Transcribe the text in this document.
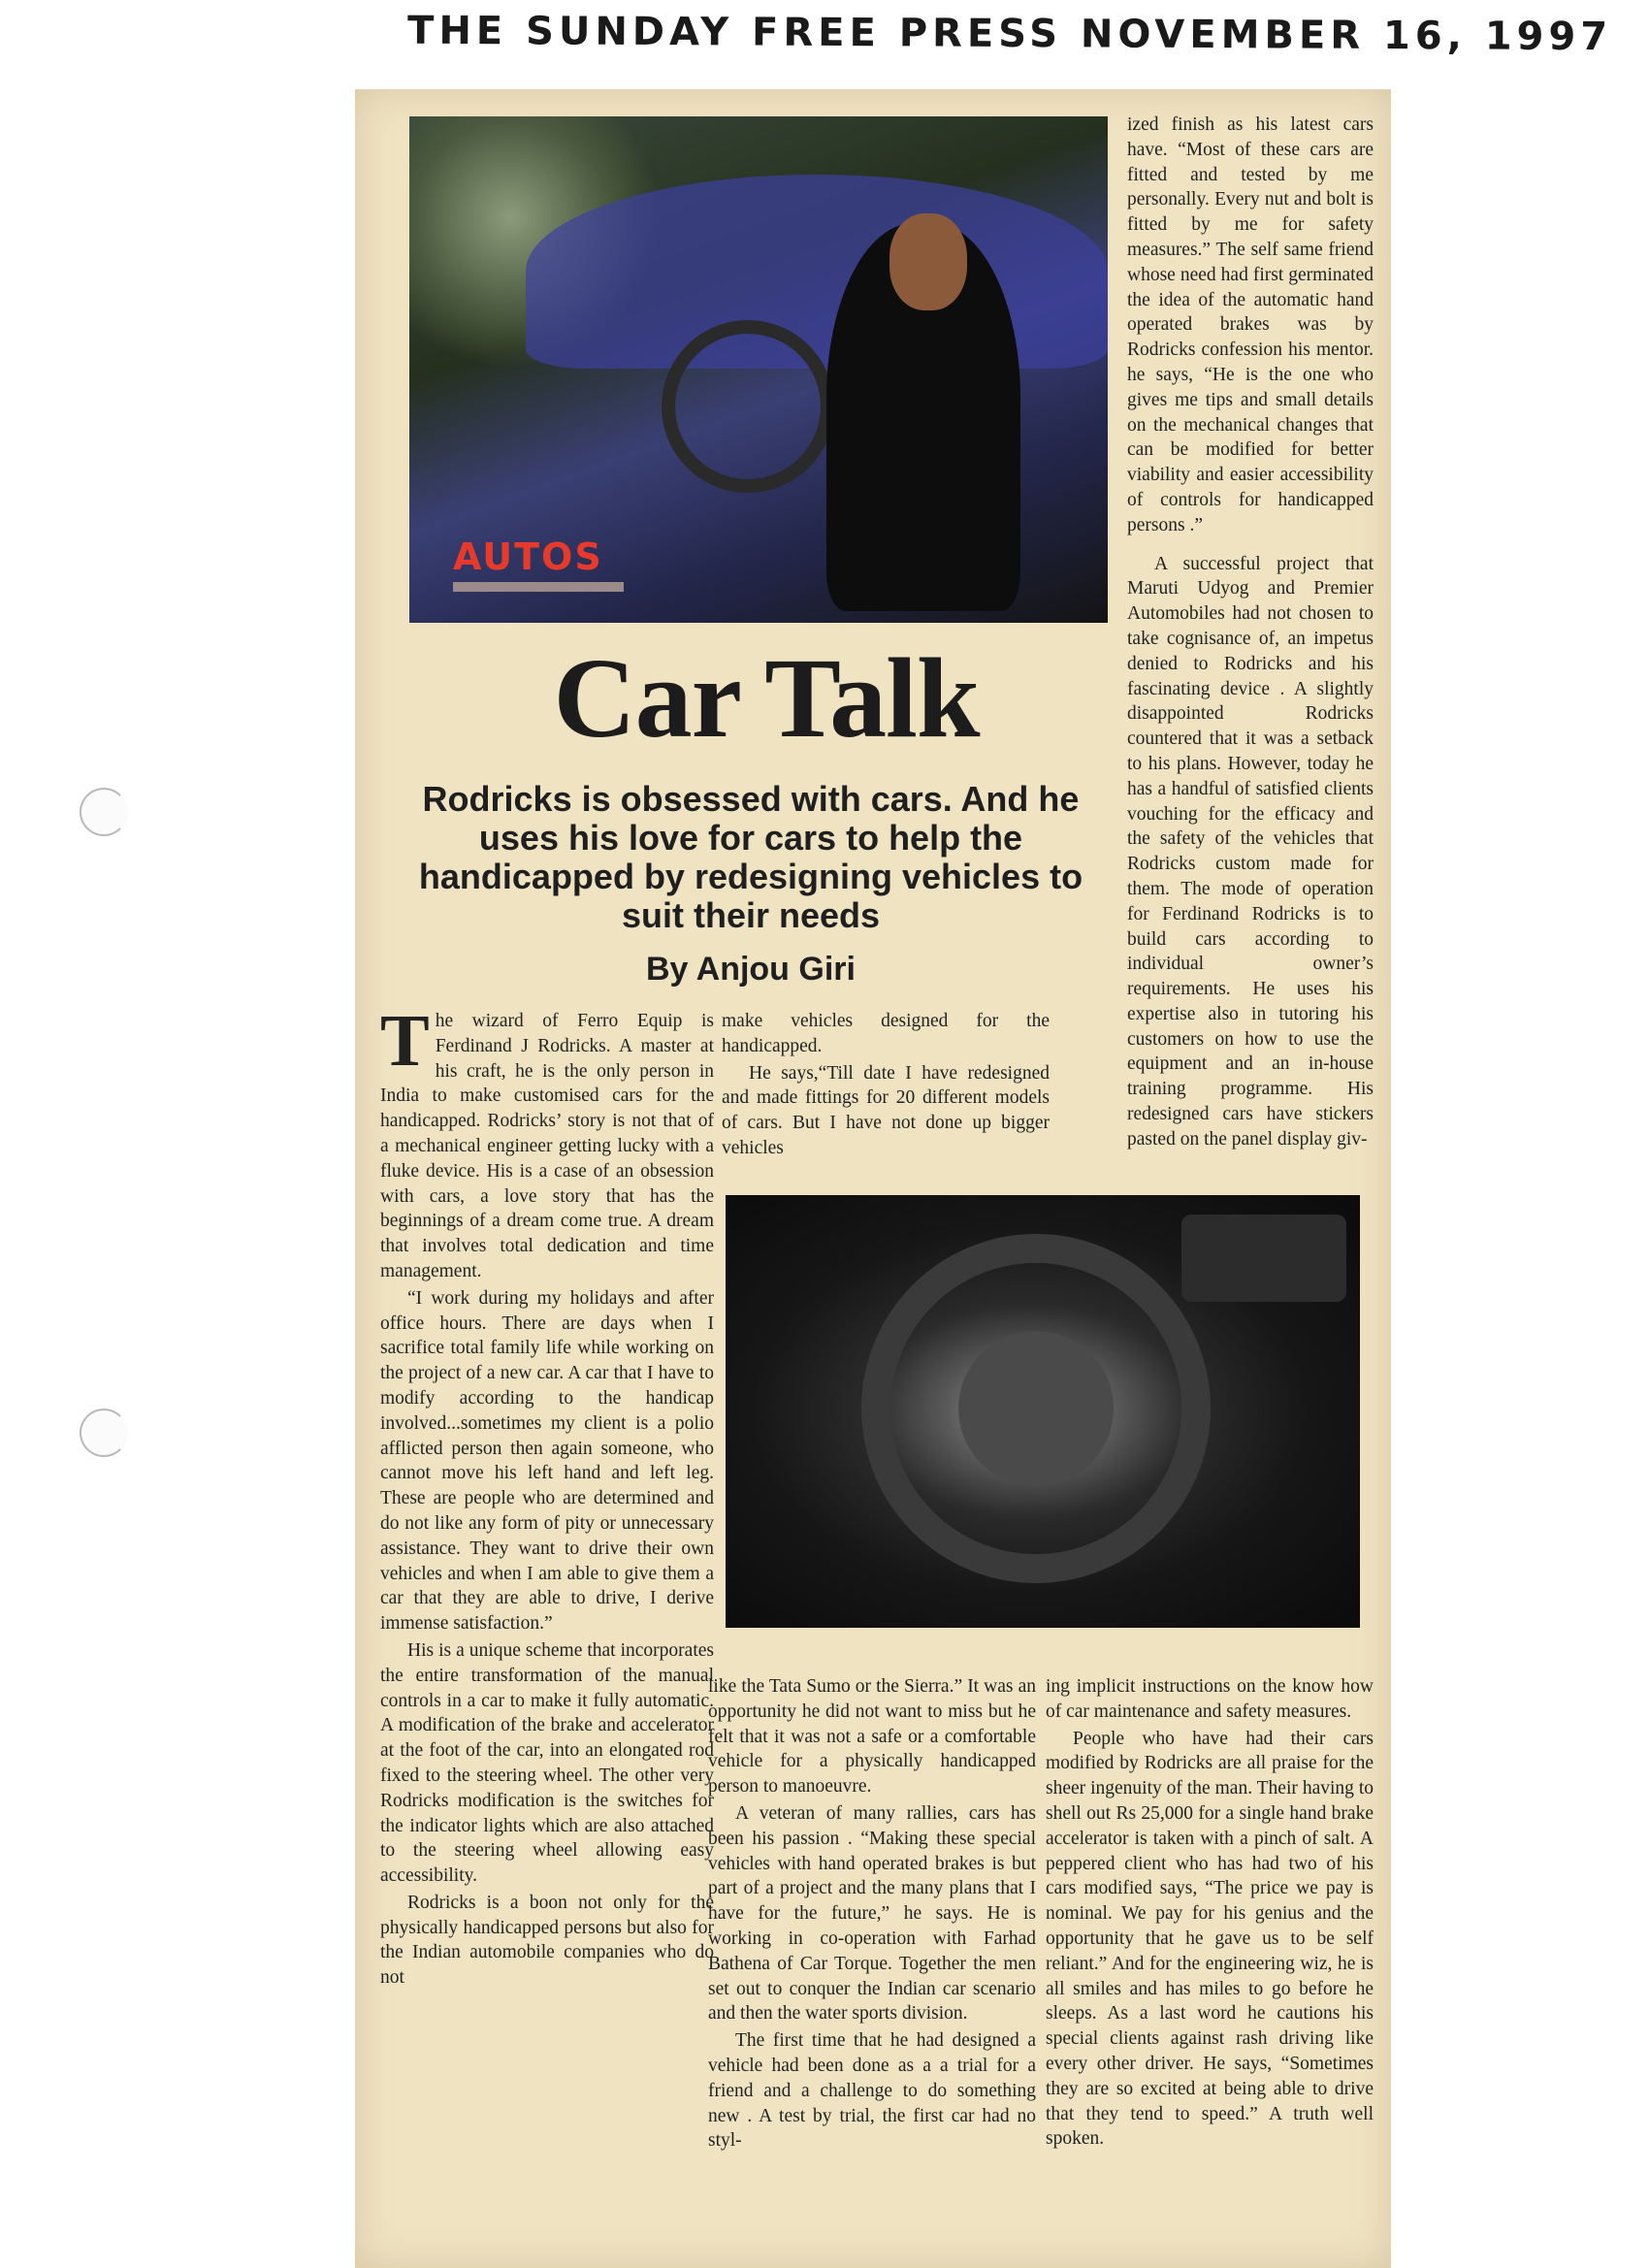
THE SUNDAY FREE PRESS NOVEMBER 16, 1997
AUTOS

ized finish as his latest cars have. “Most of these cars are fitted and tested by me personally. Every nut and bolt is fitted by me for safety measures.” The self same friend whose need had first germinated the idea of the automatic hand operated brakes was by Rodricks confession his mentor. he says, “He is the one who gives me tips and small details on the mechanical changes that can be modified for better viability and easier accessibility of controls for handicapped persons .”

A successful project that Maruti Udyog and Premier Automobiles had not chosen to take cognisance of, an impetus denied to Rodricks and his fascinating device . A slightly disappointed Rodricks countered that it was a setback to his plans. However, today he has a handful of satisfied clients vouching for the efficacy and the safety of the vehicles that Rodricks custom made for them. The mode of operation for Ferdinand Rodricks is to build cars according to individual owner’s requirements. He uses his expertise also in tutoring his customers on how to use the equipment and an in-house training programme. His redesigned cars have stickers pasted on the panel display giv-

Car Talk
Rodricks is obsessed with cars. And he uses his love for cars to help the handicapped by redesigning vehicles to suit their needs
By Anjou Giri

The wizard of Ferro Equip is Ferdinand J Rodricks. A master at his craft, he is the only person in India to make customised cars for the handicapped. Rodricks’ story is not that of a mechanical engineer getting lucky with a fluke device. His is a case of an obsession with cars, a love story that has the beginnings of a dream come true. A dream that involves total dedication and time management.

“I work during my holidays and after office hours. There are days when I sacrifice total family life while working on the project of a new car. A car that I have to modify according to the handicap involved...sometimes my client is a polio afflicted person then again someone, who cannot move his left hand and left leg. These are people who are determined and do not like any form of pity or unnecessary assistance. They want to drive their own vehicles and when I am able to give them a car that they are able to drive, I derive immense satisfaction.”

His is a unique scheme that incorporates the entire transformation of the manual controls in a car to make it fully automatic. A modification of the brake and accelerator at the foot of the car, into an elongated rod fixed to the steering wheel. The other very Rodricks modification is the switches for the indicator lights which are also attached to the steering wheel allowing easy accessibility.

Rodricks is a boon not only for the physically handicapped persons but also for the Indian automobile companies who do not

make vehicles designed for the handicapped.

He says,“Till date I have redesigned and made fittings for 20 different models of cars. But I have not done up bigger vehicles

like the Tata Sumo or the Sierra.” It was an opportunity he did not want to miss but he felt that it was not a safe or a comfortable vehicle for a physically handicapped person to manoeuvre.

A veteran of many rallies, cars has been his passion . “Making these special vehicles with hand operated brakes is but part of a project and the many plans that I have for the future,” he says. He is working in co-operation with Farhad Bathena of Car Torque. Together the men set out to conquer the Indian car scenario and then the water sports division.

The first time that he had designed a vehicle had been done as a a trial for a friend and a challenge to do something new . A test by trial, the first car had no styl-

ing implicit instructions on the know how of car maintenance and safety measures.

People who have had their cars modified by Rodricks are all praise for the sheer ingenuity of the man. Their having to shell out Rs 25,000 for a single hand brake accelerator is taken with a pinch of salt. A peppered client who has had two of his cars modified says, “The price we pay is nominal. We pay for his genius and the opportunity that he gave us to be self reliant.” And for the engineering wiz, he is all smiles and has miles to go before he sleeps. As a last word he cautions his special clients against rash driving like every other driver. He says, “Sometimes they are so excited at being able to drive that they tend to speed.” A truth well spoken.
